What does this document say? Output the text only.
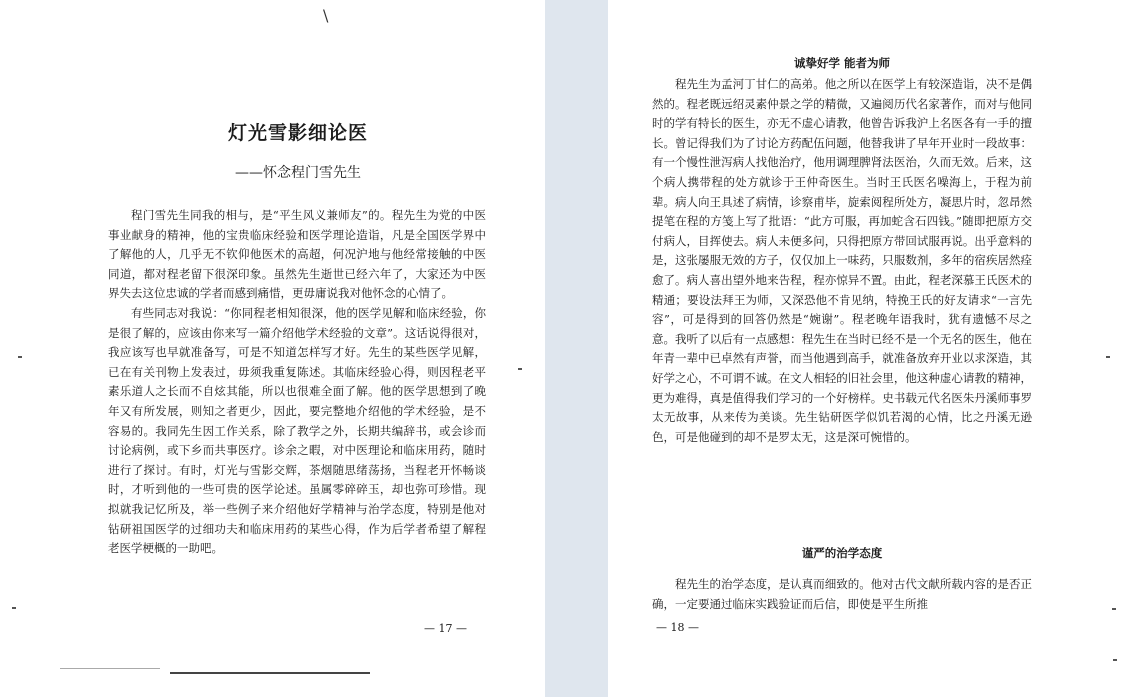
\
灯光雪影细论医
——怀念程门雪先生

程门雪先生同我的相与，是“平生风义兼师友”的。程先生为党的中医事业献身的精神，他的宝贵临床经验和医学理论造诣，凡是全国医学界中了解他的人，几乎无不钦仰他医术的高超，何况沪地与他经常接触的中医同道，都对程老留下很深印象。虽然先生逝世已经六年了，大家还为中医界失去这位忠诚的学者而感到痛惜，更毋庸说我对他怀念的心情了。

有些同志对我说：“你同程老相知很深，他的医学见解和临床经验，你是很了解的，应该由你来写一篇介绍他学术经验的文章”。这话说得很对，我应该写也早就准备写，可是不知道怎样写才好。先生的某些医学见解，已在有关刊物上发表过，毋须我重复陈述。其临床经验心得，则因程老平素乐道人之长而不自炫其能，所以也很难全面了解。他的医学思想到了晚年又有所发展，则知之者更少，因此，要完整地介绍他的学术经验，是不容易的。我同先生因工作关系，除了教学之外，长期共编辞书，或会诊而讨论病例，或下乡而共事医疗。诊余之暇，对中医理论和临床用药，随时进行了探讨。有时，灯光与雪影交辉，茶烟随思绪荡扬，当程老开怀畅谈时，才听到他的一些可贵的医学论述。虽属零碎碎玉，却也弥可珍惜。现拟就我记忆所及，举一些例子来介绍他好学精神与治学态度，特别是他对钻研祖国医学的过细功夫和临床用药的某些心得，作为后学者希望了解程老医学梗概的一助吧。

— 17 —
诚挚好学 能者为师

程先生为孟河丁甘仁的高弟。他之所以在医学上有较深造诣，决不是偶然的。程老既远绍灵素仲景之学的精微，又遍阅历代名家著作，而对与他同时的学有特长的医生，亦无不虚心请教，他曾告诉我沪上名医各有一手的擅长。曾记得我们为了讨论方药配伍问题，他替我讲了早年开业时一段故事：有一个慢性泄泻病人找他治疗，他用调理脾肾法医治，久而无效。后来，这个病人携带程的处方就诊于王仲奇医生。当时王氏医名噪海上，于程为前辈。病人向王具述了病情，诊察甫毕，旋索阅程所处方，凝思片时，忽昂然提笔在程的方笺上写了批语：“此方可服，再加蛇含石四钱。”随即把原方交付病人，目挥使去。病人未便多问，只得把原方带回试服再说。出乎意料的是，这张屡服无效的方子，仅仅加上一味药，只服数剂，多年的宿疾居然痊愈了。病人喜出望外地来告程，程亦惊异不置。由此，程老深慕王氏医术的精通；要设法拜王为师，又深恐他不肯见纳，特挽王氏的好友请求“一言先容”，可是得到的回答仍然是“婉谢”。程老晚年语我时，犹有遗憾不尽之意。我听了以后有一点感想：程先生在当时已经不是一个无名的医生，他在年青一辈中已卓然有声誉，而当他遇到高手，就准备放弃开业以求深造，其好学之心，不可谓不诚。在文人相轻的旧社会里，他这种虚心请教的精神，更为难得，真是值得我们学习的一个好榜样。史书载元代名医朱丹溪师事罗太无故事，从来传为美谈。先生钻研医学似饥若渴的心情，比之丹溪无逊色，可是他碰到的却不是罗太无，这是深可惋惜的。

谨严的治学态度

程先生的治学态度，是认真而细致的。他对古代文献所载内容的是否正确，一定要通过临床实践验证而后信，即使是平生所推

— 18 —
